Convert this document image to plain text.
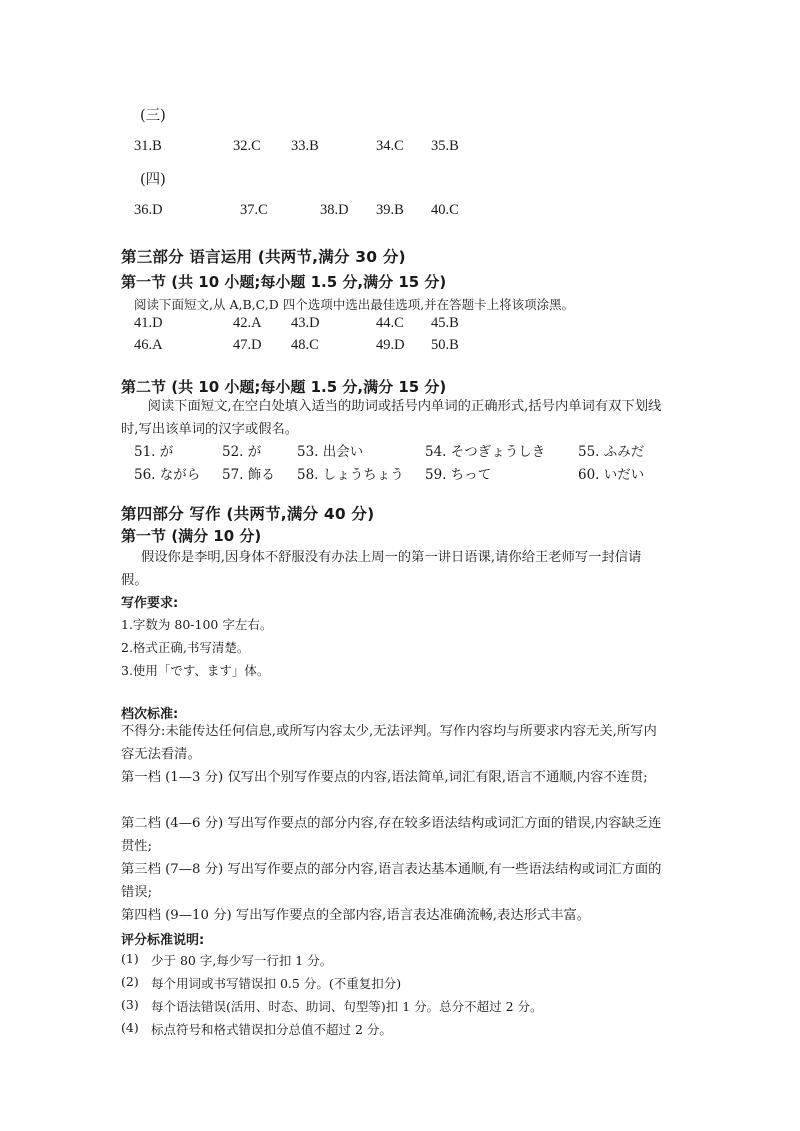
(三)
31.B	32.C 33.B	34.C 35.B
(四)
36.D	37.C	38.D 39.B 40.C
第三部分 语言运用 (共两节,满分 30 分)
第一节 (共 10 小题;每小题 1.5 分,满分 15 分)
阅读下面短文,从 A,B,C,D 四个选项中选出最佳选项,并在答题卡上将该项涂黑。
41.D	42.A 43.D	44.C 45.B
46.A	47.D 48.C	49.D 50.B
第二节 (共 10 小题;每小题 1.5 分,满分 15 分)
阅读下面短文,在空白处填入适当的助词或括号内单词的正确形式,括号内单词有双下划线时,写出该单词的汉字或假名。
51. が	52. が	53. 出会い	54. そつぎょうしき 55. ふみだ
56. ながら 57. 飾る 58. しょうちょう 59. ちって	60. いだい
第四部分 写作 (共两节,满分 40 分)
第一节 (满分 10 分)
假设你是李明,因身体不舒服没有办法上周一的第一讲日语课,请你给王老师写一封信请假。
写作要求:
1.字数为 80-100 字左右。
2.格式正确,书写清楚。
3.使用「です、ます」体。
档次标准:
不得分:未能传达任何信息,或所写内容太少,无法评判。写作内容均与所要求内容无关,所写内容无法看清。
第一档 (1—3 分) 仅写出个别写作要点的内容,语法简单,词汇有限,语言不通顺,内容不连贯;
第二档 (4—6 分) 写出写作要点的部分内容,存在较多语法结构或词汇方面的错误,内容缺乏连贯性;
第三档 (7—8 分) 写出写作要点的部分内容,语言表达基本通顺,有一些语法结构或词汇方面的错误;
第四档 (9—10 分) 写出写作要点的全部内容,语言表达准确流畅,表达形式丰富。
评分标准说明:
(1) 少于 80 字,每少写一行扣 1 分。
(2) 每个用词或书写错误扣 0.5 分。(不重复扣分)
(3) 每个语法错误(活用、时态、助词、句型等)扣 1 分。总分不超过 2 分。
(4) 标点符号和格式错误扣分总值不超过 2 分。
